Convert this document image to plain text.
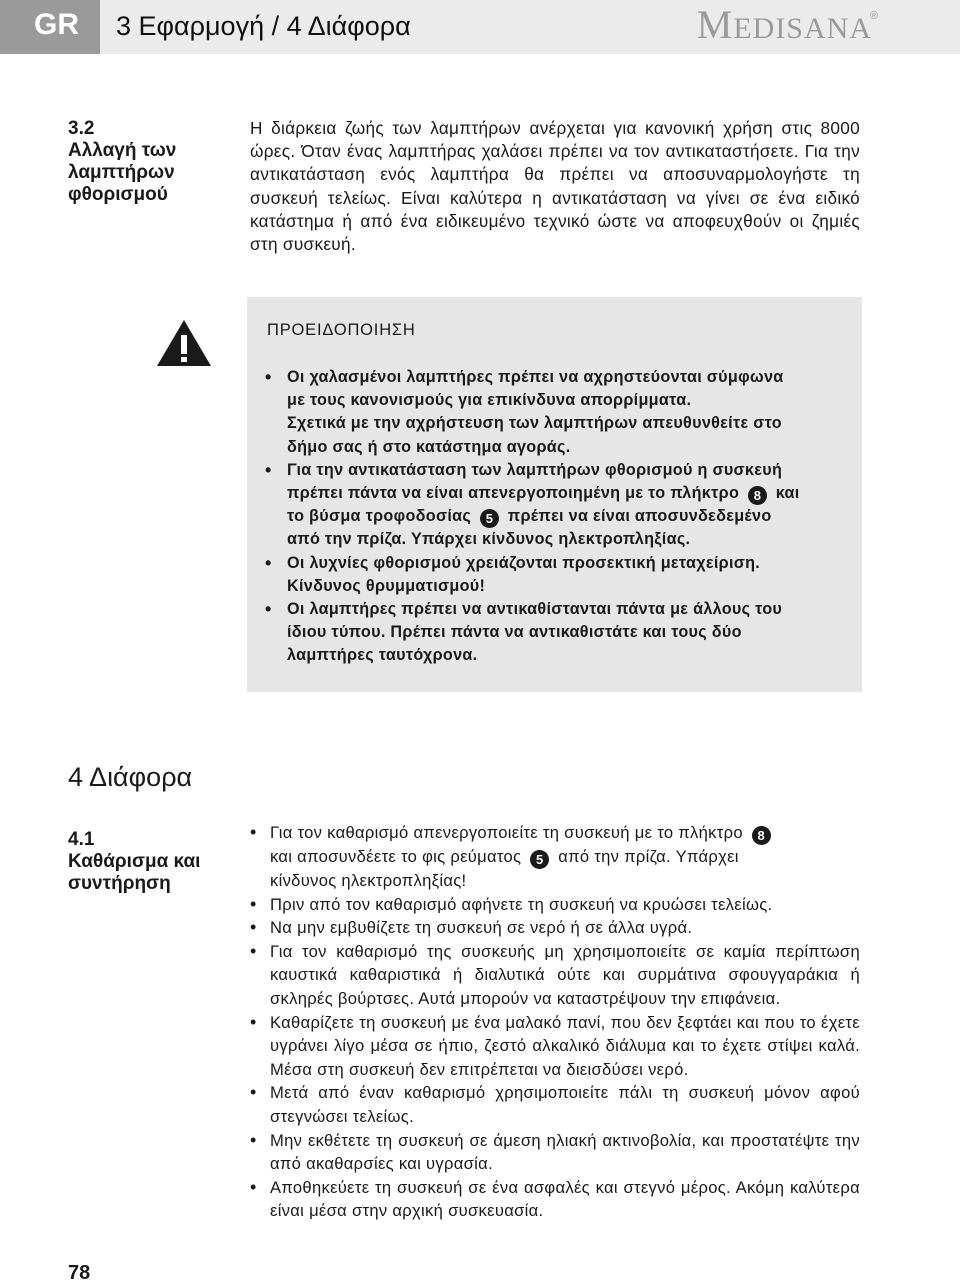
GR	3 Εφαρμογή / 4 Διάφορα	MEDISANA
®
3.2
Αλλαγή των
λαμπτήρων
φθορισμού

Η διάρκεια ζωής των λαμπτήρων ανέρχεται για κανονική χρήση στις 8000 ώρες. Όταν ένας λαμπτήρας χαλάσει πρέπει να τον αντικαταστήσετε. Για την αντικατάσταση ενός λαμπτήρα θα πρέπει να αποσυναρμολογήστε τη συσκευή τελείως. Είναι καλύτερα η αντικατάσταση να γίνει σε ένα ειδικό κατάστημα ή από ένα ειδικευμένο τεχνικό ώστε να αποφευχθούν οι ζημιές στη συσκευή.

ΠΡΟΕΙΔΟΠΟΙΗΣΗ
• Οι χαλασμένοι λαμπτήρες πρέπει να αχρηστεύονται σύμφωνα
με τους κανονισμούς για επικίνδυνα απορρίμματα.
Σχετικά με την αχρήστευση των λαμπτήρων απευθυνθείτε στο
δήμο σας ή στο κατάστημα αγοράς.
• Για την αντικατάσταση των λαμπτήρων φθορισμού η συσκευή
πρέπει πάντα να είναι απενεργοποιημένη με το πλήκτρο 8 και
το βύσμα τροφοδοσίας 5 πρέπει να είναι αποσυνδεδεμένο
από την πρίζα. Υπάρχει κίνδυνος ηλεκτροπληξίας.
• Οι λυχνίες φθορισμού χρειάζονται προσεκτική μεταχείριση.
Κίνδυνος θρυμματισμού!
• Οι λαμπτήρες πρέπει να αντικαθίστανται πάντα με άλλους του
ίδιου τύπου. Πρέπει πάντα να αντικαθιστάτε και τους δύο
λαμπτήρες ταυτόχρονα.
4 Διάφορα
4.1
Καθάρισμα και
συντήρηση
• Για τον καθαρισμό απενεργοποιείτε τη συσκευή με το πλήκτρο 8
και αποσυνδέετε το φις ρεύματος 5 από την πρίζα. Υπάρχει
κίνδυνος ηλεκτροπληξίας!
• Πριν από τον καθαρισμό αφήνετε τη συσκευή να κρυώσει τελείως.
• Να μην εμβυθίζετε τη συσκευή σε νερό ή σε άλλα υγρά.
• Για τον καθαρισμό της συσκευής μη χρησιμοποιείτε σε καμία περίπτωση καυστικά καθαριστικά ή διαλυτικά ούτε και συρμάτινα σφουγγαράκια ή σκληρές βούρτσες. Αυτά μπορούν να καταστρέψουν την επιφάνεια.
• Καθαρίζετε τη συσκευή με ένα μαλακό πανί, που δεν ξεφτάει και που το έχετε υγράνει λίγο μέσα σε ήπιο, ζεστό αλκαλικό διάλυμα και το έχετε στίψει καλά. Μέσα στη συσκευή δεν επιτρέπεται να διεισδύσει νερό.
• Μετά από έναν καθαρισμό χρησιμοποιείτε πάλι τη συσκευή μόνον αφού στεγνώσει τελείως.
• Μην εκθέτετε τη συσκευή σε άμεση ηλιακή ακτινοβολία, και προστατέψτε την από ακαθαρσίες και υγρασία.
• Αποθηκεύετε τη συσκευή σε ένα ασφαλές και στεγνό μέρος. Ακόμη καλύτερα είναι μέσα στην αρχική συσκευασία.
78
